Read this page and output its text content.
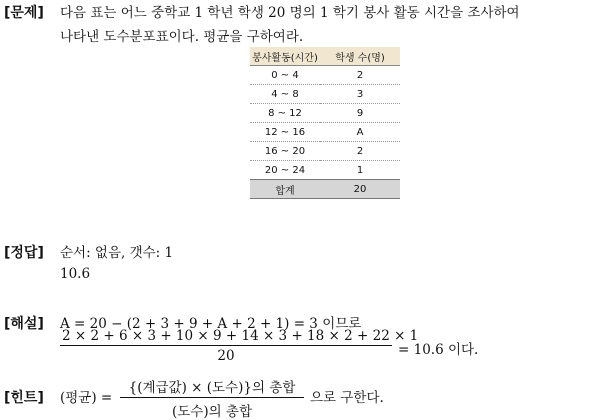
[문제] 다음 표는 어느 중학교 1 학년 학생 20 명의 1 학기 봉사 활동 시간을 조사하여
나타낸 도수분포표이다. 평균을 구하여라.
봉사활동(시간)	학생 수(명)
0 ~ 4	2
4 ~ 8	3
8 ~ 12	9
12 ~ 16	A
16 ~ 20	2
20 ~ 24	1
합계	20
[정답] 순서: 없음, 갯수: 1
10.6
[해설] A = 20 − (2 + 3 + 9 + A + 2 + 1) = 3 이므로
2 × 2 + 6 × 3 + 10 × 9 + 14 × 3 + 18 × 2 + 22 × 1
20	= 10.6 이다.
[힌트] (평균) =
{(계급값) × (도수)}의 총합
(도수)의 총합
으로 구한다.
